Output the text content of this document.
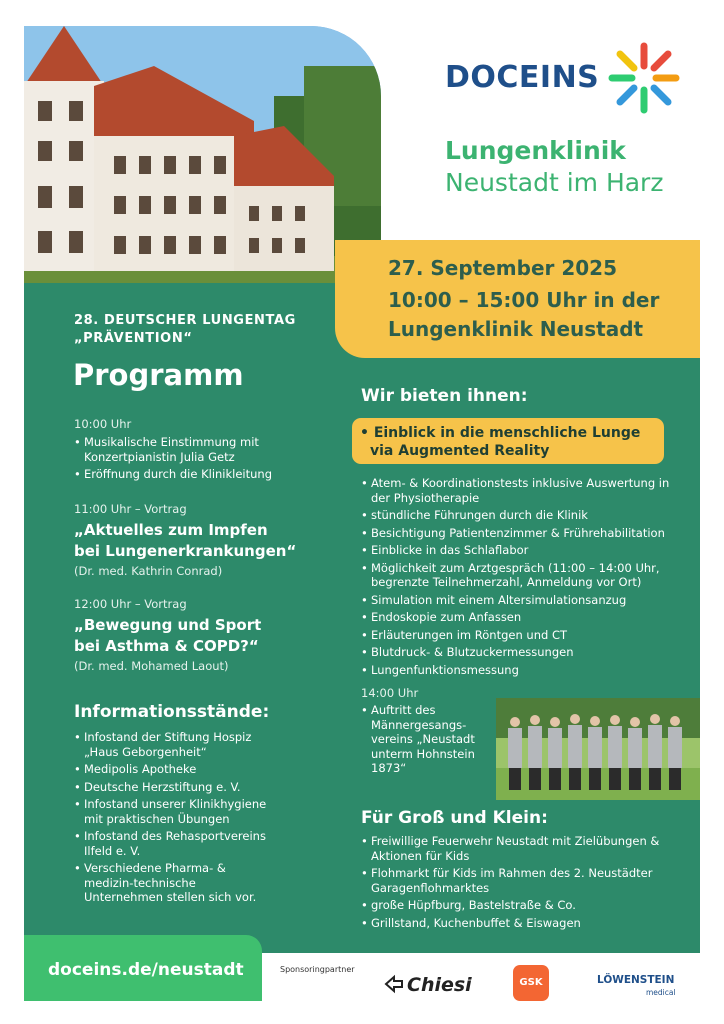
DOCEINS
Lungenklinik
Neustadt im Harz
27. September 2025
10:00 – 15:00 Uhr in der
Lungenklinik Neustadt
28. DEUTSCHER LUNGENTAG
„PRÄVENTION“
Programm
10:00 Uhr
• Musikalische Einstimmung mit Konzertpianistin Julia Getz
• Eröffnung durch die Klinikleitung
11:00 Uhr – Vortrag
„Aktuelles zum Impfen
bei Lungenerkrankungen“
(Dr. med. Kathrin Conrad)
12:00 Uhr – Vortrag
„Bewegung und Sport
bei Asthma & COPD?“
(Dr. med. Mohamed Laout)
Informationsstände:
• Infostand der Stiftung Hospiz „Haus Geborgenheit“
• Medipolis Apotheke
• Deutsche Herzstiftung e. V.
• Infostand unserer Klinikhygiene mit praktischen Übungen
• Infostand des Rehasportvereins Ilfeld e. V.
• Verschiedene Pharma- & medizin-technische Unternehmen stellen sich vor.
Wir bieten ihnen:
• Einblick in die menschliche Lunge
via Augmented Reality
• Atem- & Koordinationstests inklusive Auswertung in der Physiotherapie
• stündliche Führungen durch die Klinik
• Besichtigung Patientenzimmer & Frührehabilitation
• Einblicke in das Schlaflabor
• Möglichkeit zum Arztgespräch (11:00 – 14:00 Uhr, begrenzte Teilnehmerzahl, Anmeldung vor Ort)
• Simulation mit einem Altersimulationsanzug
• Endoskopie zum Anfassen
• Erläuterungen im Röntgen und CT
• Blutdruck- & Blutzuckermessungen
• Lungenfunktionsmessung
14:00 Uhr
• Auftritt des Männergesangs-vereins „Neustadt unterm Hohnstein 1873“
Für Groß und Klein:
• Freiwillige Feuerwehr Neustadt mit Zielübungen & Aktionen für Kids
• Flohmarkt für Kids im Rahmen des 2. Neustädter Garagenflohmarktes
• große Hüpfburg, Bastelstraße & Co.
• Grillstand, Kuchenbuffet & Eiswagen
doceins.de/neustadt	Sponsoringpartner
Chiesi	GSK	LÖWENSTEIN
medical
